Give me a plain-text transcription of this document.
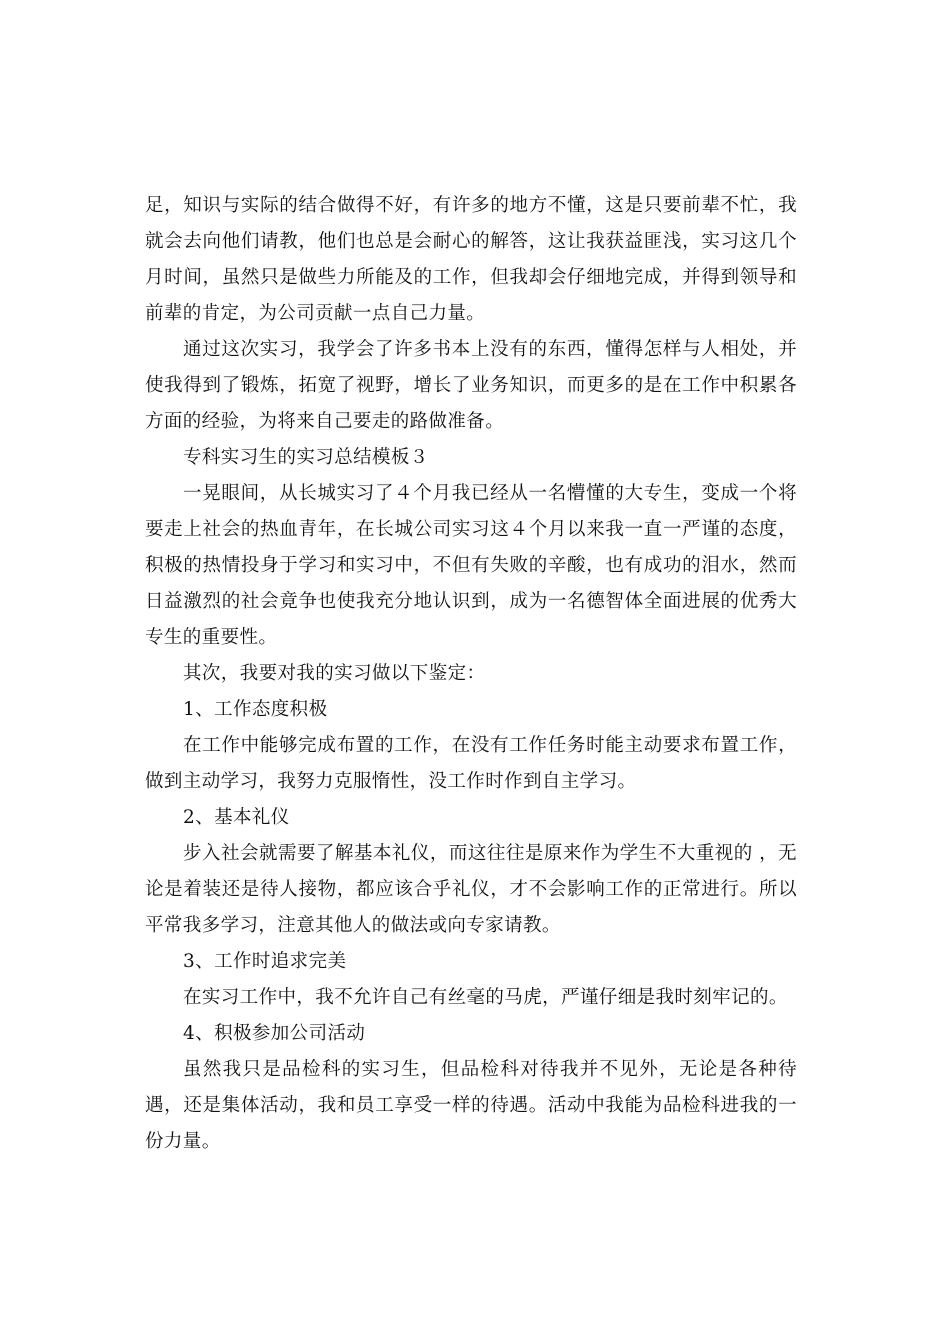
足，知识与实际的结合做得不好，有许多的地方不懂，这是只要前辈不忙，我就会去向他们请教，他们也总是会耐心的解答，这让我获益匪浅，实习这几个月时间，虽然只是做些力所能及的工作，但我却会仔细地完成，并得到领导和前辈的肯定，为公司贡献一点自己力量。

通过这次实习，我学会了许多书本上没有的东西，懂得怎样与人相处，并使我得到了锻炼，拓宽了视野，增长了业务知识，而更多的是在工作中积累各方面的经验，为将来自己要走的路做准备。

专科实习生的实习总结模板３

一晃眼间，从长城实习了４个月我已经从一名懵懂的大专生，变成一个将要走上社会的热血青年，在长城公司实习这４个月以来我一直一严谨的态度，积极的热情投身于学习和实习中，不但有失败的辛酸，也有成功的泪水，然而日益激烈的社会竟争也使我充分地认识到，成为一名德智体全面进展的优秀大专生的重要性。

其次，我要对我的实习做以下鉴定：

1、工作态度积极

在工作中能够完成布置的工作，在没有工作任务时能主动要求布置工作，做到主动学习，我努力克服惰性，没工作时作到自主学习。

2、基本礼仪

步入社会就需要了解基本礼仪，而这往往是原来作为学生不大重视的 ，无论是着装还是待人接物，都应该合乎礼仪，才不会影响工作的正常进行。所以平常我多学习，注意其他人的做法或向专家请教。

3、工作时追求完美

在实习工作中，我不允许自己有丝毫的马虎，严谨仔细是我时刻牢记的。

4、积极参加公司活动

虽然我只是品检科的实习生，但品检科对待我并不见外，无论是各种待遇，还是集体活动，我和员工享受一样的待遇。活动中我能为品检科进我的一份力量。
